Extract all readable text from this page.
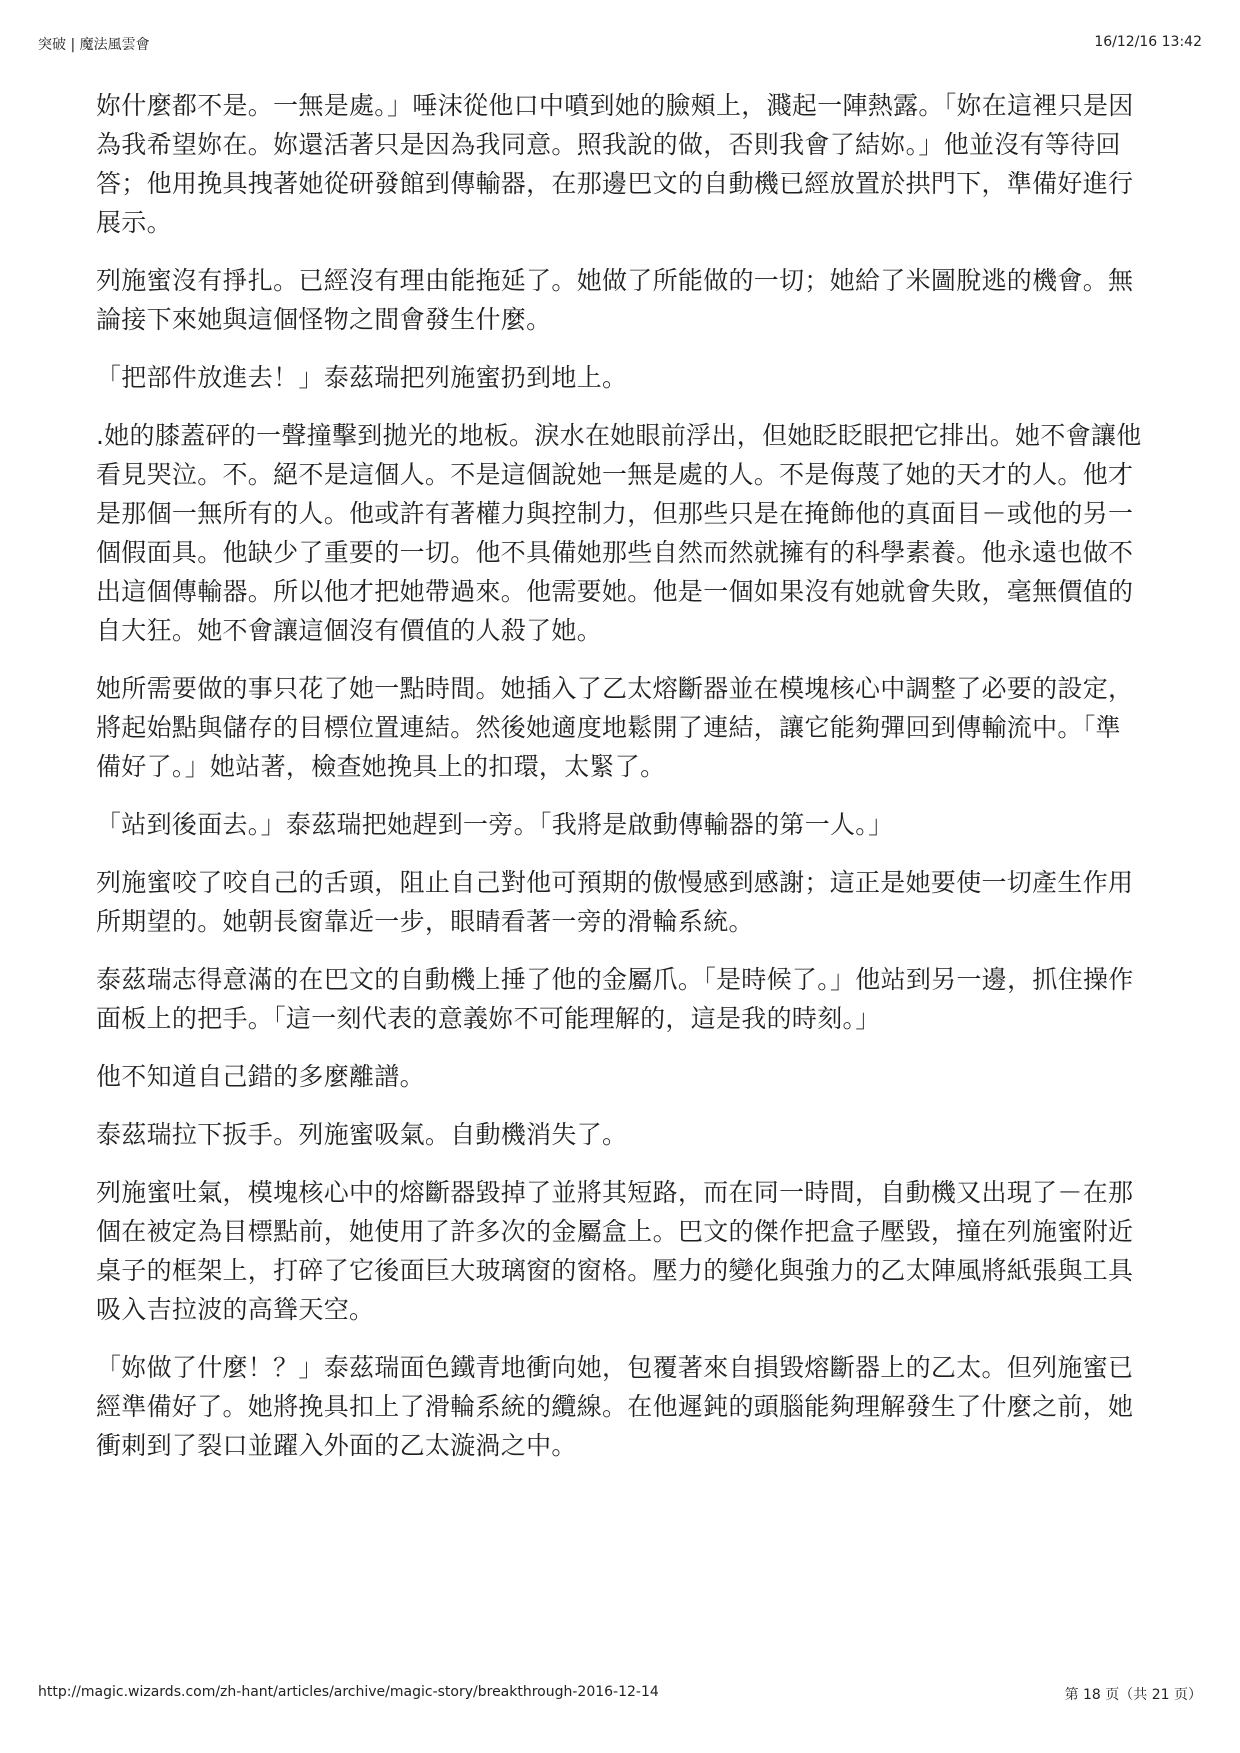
突破 | 魔法風雲會	16/12/16 13:42

妳什麼都不是。一無是處。」唾沫從他口中噴到她的臉頰上，濺起一陣熱露。「妳在這裡只是因為我希望妳在。妳還活著只是因為我同意。照我說的做，否則我會了結妳。」他並沒有等待回答；他用挽具拽著她從研發館到傳輸器，在那邊巴文的自動機已經放置於拱門下，準備好進行展示。

列施蜜沒有掙扎。已經沒有理由能拖延了。她做了所能做的一切；她給了米圖脫逃的機會。無論接下來她與這個怪物之間會發生什麼。

「把部件放進去！」泰茲瑞把列施蜜扔到地上。

.她的膝蓋砰的一聲撞擊到拋光的地板。淚水在她眼前浮出，但她眨眨眼把它排出。她不會讓他看見哭泣。不。絕不是這個人。不是這個說她一無是處的人。不是侮蔑了她的天才的人。他才是那個一無所有的人。他或許有著權力與控制力，但那些只是在掩飾他的真面目－或他的另一個假面具。他缺少了重要的一切。他不具備她那些自然而然就擁有的科學素養。他永遠也做不出這個傳輸器。所以他才把她帶過來。他需要她。他是一個如果沒有她就會失敗，毫無價值的自大狂。她不會讓這個沒有價值的人殺了她。

她所需要做的事只花了她一點時間。她插入了乙太熔斷器並在模塊核心中調整了必要的設定，將起始點與儲存的目標位置連結。然後她適度地鬆開了連結，讓它能夠彈回到傳輸流中。「準備好了。」她站著，檢查她挽具上的扣環，太緊了。

「站到後面去。」泰茲瑞把她趕到一旁。「我將是啟動傳輸器的第一人。」

列施蜜咬了咬自己的舌頭，阻止自己對他可預期的傲慢感到感謝；這正是她要使一切產生作用所期望的。她朝長窗靠近一步，眼睛看著一旁的滑輪系統。

泰茲瑞志得意滿的在巴文的自動機上捶了他的金屬爪。「是時候了。」他站到另一邊，抓住操作面板上的把手。「這一刻代表的意義妳不可能理解的，這是我的時刻。」

他不知道自己錯的多麼離譜。

泰茲瑞拉下扳手。列施蜜吸氣。自動機消失了。

列施蜜吐氣，模塊核心中的熔斷器毀掉了並將其短路，而在同一時間，自動機又出現了－在那個在被定為目標點前，她使用了許多次的金屬盒上。巴文的傑作把盒子壓毀，撞在列施蜜附近桌子的框架上，打碎了它後面巨大玻璃窗的窗格。壓力的變化與強力的乙太陣風將紙張與工具吸入吉拉波的高聳天空。

「妳做了什麼！？」泰茲瑞面色鐵青地衝向她，包覆著來自損毀熔斷器上的乙太。但列施蜜已經準備好了。她將挽具扣上了滑輪系統的纜線。在他遲鈍的頭腦能夠理解發生了什麼之前，她衝刺到了裂口並躍入外面的乙太漩渦之中。

http://magic.wizards.com/zh-hant/articles/archive/magic-story/breakthrough-2016-12-14	第 18 页（共 21 页）
